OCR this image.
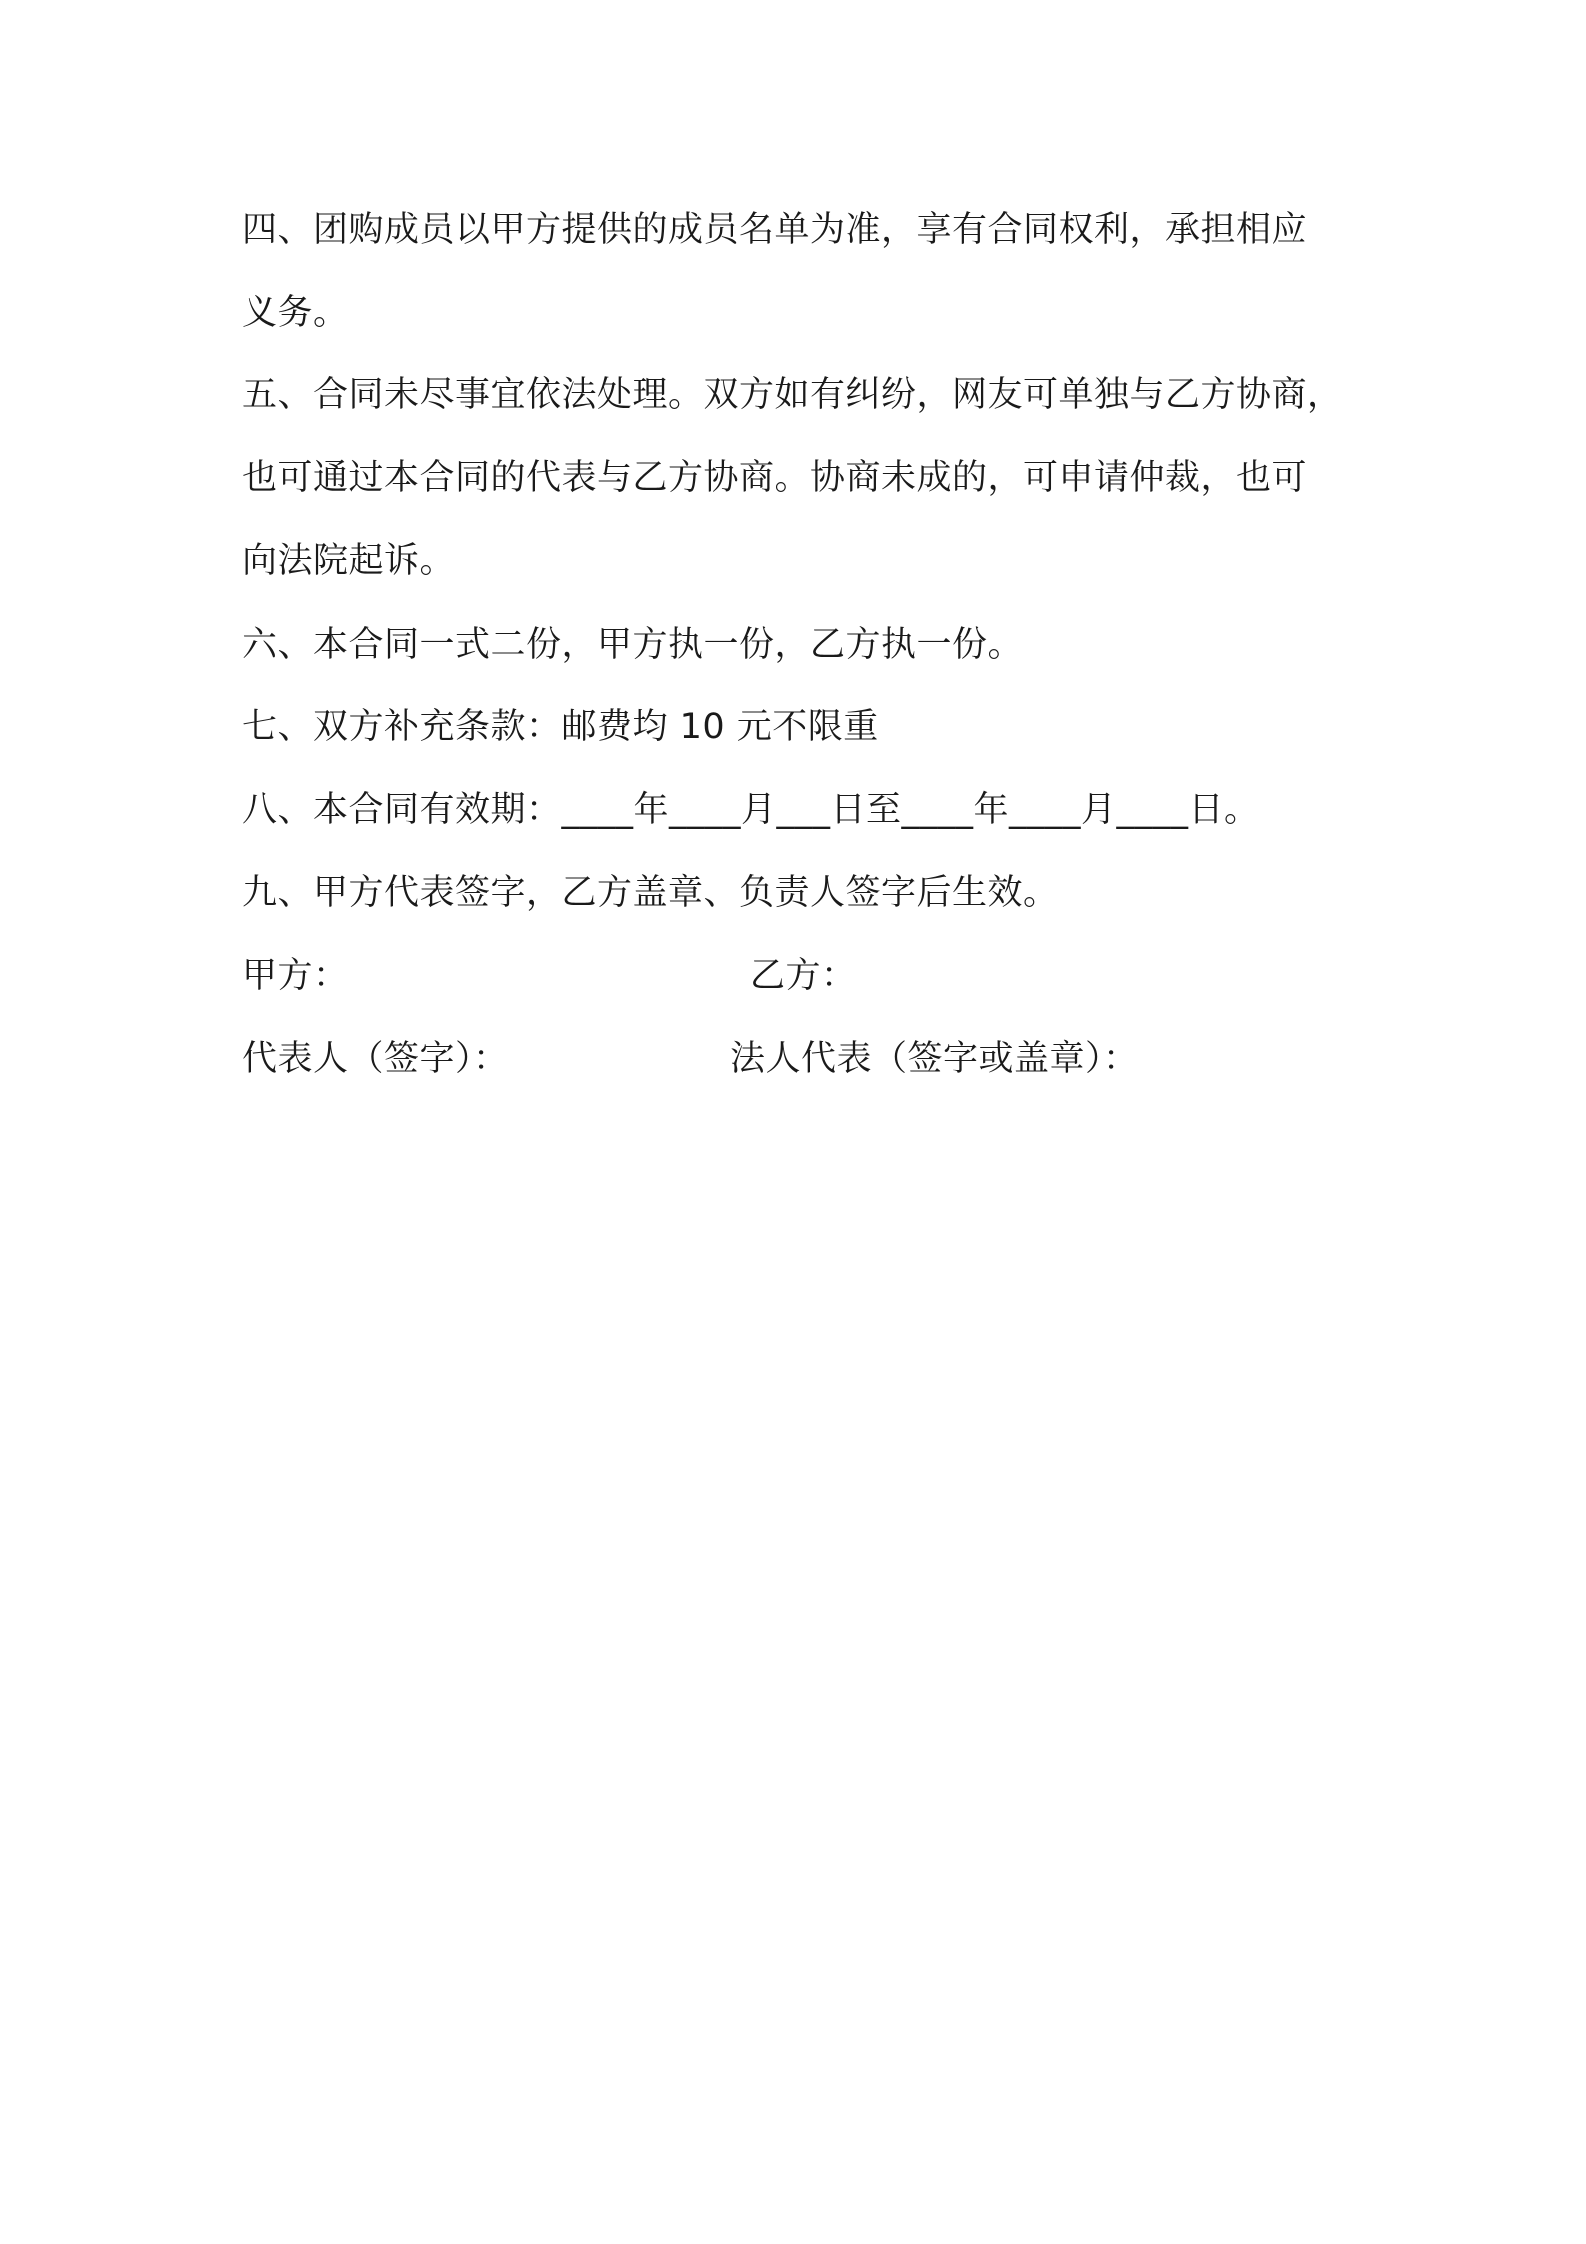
四、团购成员以甲方提供的成员名单为准，享有合同权利，承担相应
义务。
五、合同未尽事宜依法处理。双方如有纠纷，网友可单独与乙方协商，
也可通过本合同的代表与乙方协商。协商未成的，可申请仲裁，也可
向法院起诉。
六、本合同一式二份，甲方执一份，乙方执一份。
七、双方补充条款：邮费均 10 元不限重
八、本合同有效期：____年____月___日至____年____月____日。
九、甲方代表签字，乙方盖章、负责人签字后生效。
甲方：	乙方：
代表人（签字）：	法人代表（签字或盖章）：
